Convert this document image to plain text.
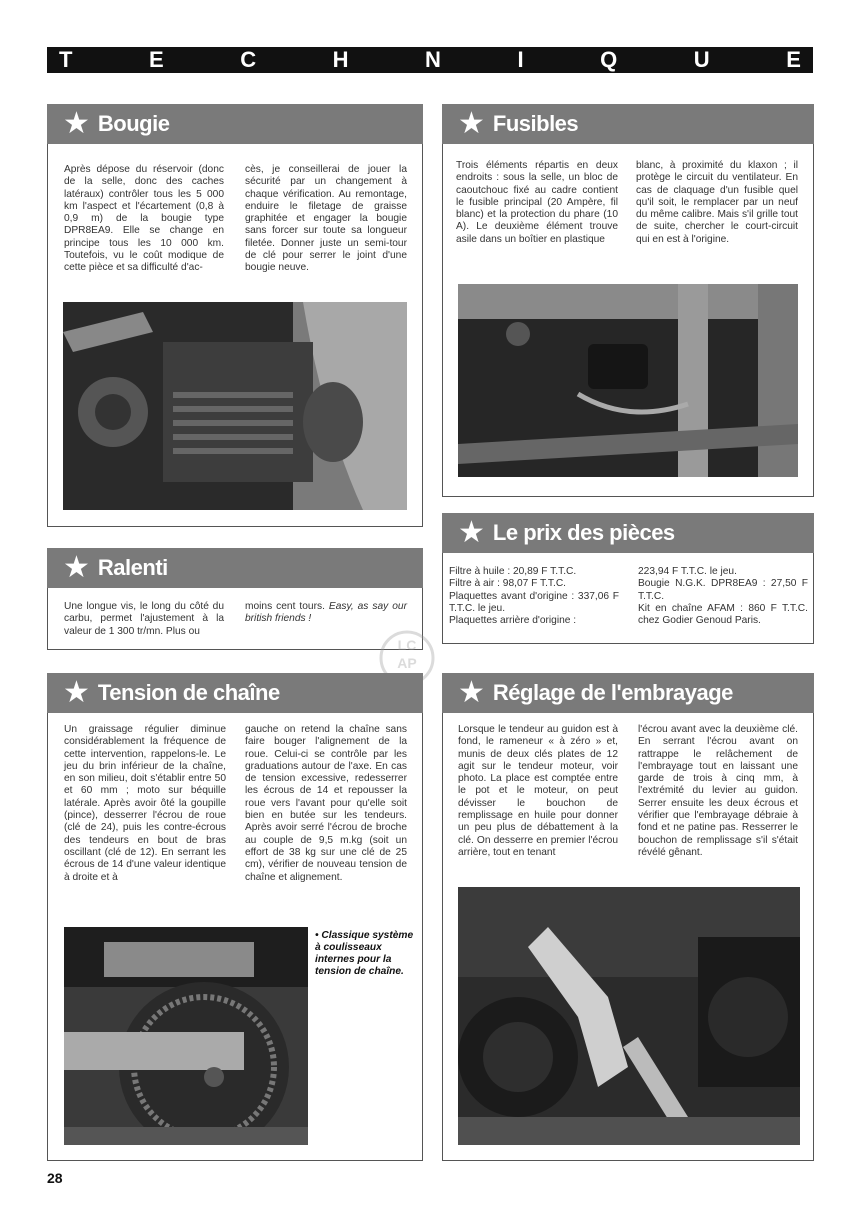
T	E	C	H	N	I	Q	U	E
★ Bougie
Après dépose du réservoir (donc de la selle, donc des caches latéraux) contrôler tous les 5 000 km l'aspect et l'écartement (0,8 à 0,9 m) de la bougie type DPR8EA9. Elle se change en principe tous les 10 000 km. Toutefois, vu le coût modique de cette pièce et sa difficulté d'ac-
cès, je conseillerai de jouer la sécurité par un changement à chaque vérification. Au remontage, enduire le filetage de graisse graphitée et engager la bougie sans forcer sur toute sa longueur filetée. Donner juste un semi-tour de clé pour serrer le joint d'une bougie neuve.
★ Fusibles
Trois éléments répartis en deux endroits : sous la selle, un bloc de caoutchouc fixé au cadre contient le fusible principal (20 Ampère, fil blanc) et la protection du phare (10 A). Le deuxième élément trouve asile dans un boîtier en plastique
blanc, à proximité du klaxon ; il protège le circuit du ventilateur. En cas de claquage d'un fusible quel qu'il soit, le remplacer par un neuf du même calibre. Mais s'il grille tout de suite, chercher le court-circuit qui en est à l'origine.
★ Le prix des pièces
Filtre à huile : 20,89 F T.T.C.
Filtre à air : 98,07 F T.T.C.
Plaquettes avant d'origine : 337,06 F T.T.C. le jeu.
Plaquettes arrière d'origine :
223,94 F T.T.C. le jeu.
Bougie N.G.K. DPR8EA9 : 27,50 F T.T.C.
Kit en chaîne AFAM : 860 F T.T.C. chez Godier Genoud Paris.
★ Ralenti
Une longue vis, le long du côté du carbu, permet l'ajustement à la valeur de 1 300 tr/mn. Plus ou
moins cent tours. Easy, as say our british friends !
LC
AP
★ Tension de chaîne
Un graissage régulier diminue considérablement la fréquence de cette intervention, rappelons-le. Le jeu du brin inférieur de la chaîne, en son milieu, doit s'établir entre 50 et 60 mm ; moto sur béquille latérale. Après avoir ôté la goupille (pince), desserrer l'écrou de roue (clé de 24), puis les contre-écrous des tendeurs en bout de bras oscillant (clé de 12). En serrant les écrous de 14 d'une valeur identique à droite et à
gauche on retend la chaîne sans faire bouger l'alignement de la roue. Celui-ci se contrôle par les graduations autour de l'axe. En cas de tension excessive, redesserrer les écrous de 14 et repousser la roue vers l'avant pour qu'elle soit bien en butée sur les tendeurs. Après avoir serré l'écrou de broche au couple de 9,5 m.kg (soit un effort de 38 kg sur une clé de 25 cm), vérifier de nouveau tension de chaîne et alignement.
• Classique système à coulisseaux internes pour la tension de chaîne.
★ Réglage de l'embrayage
Lorsque le tendeur au guidon est à fond, le rameneur « à zéro » et, munis de deux clés plates de 12 agit sur le tendeur moteur, voir photo. La place est comptée entre le pot et le moteur, on peut dévisser le bouchon de remplissage en huile pour donner un peu plus de débattement à la clé. On desserre en premier l'écrou arrière, tout en tenant
l'écrou avant avec la deuxième clé. En serrant l'écrou avant on rattrappe le relâchement de l'embrayage tout en laissant une garde de trois à cinq mm, à l'extrémité du levier au guidon. Serrer ensuite les deux écrous et vérifier que l'embrayage débraie à fond et ne patine pas. Resserrer le bouchon de remplissage s'il s'était révélé gênant.
28
